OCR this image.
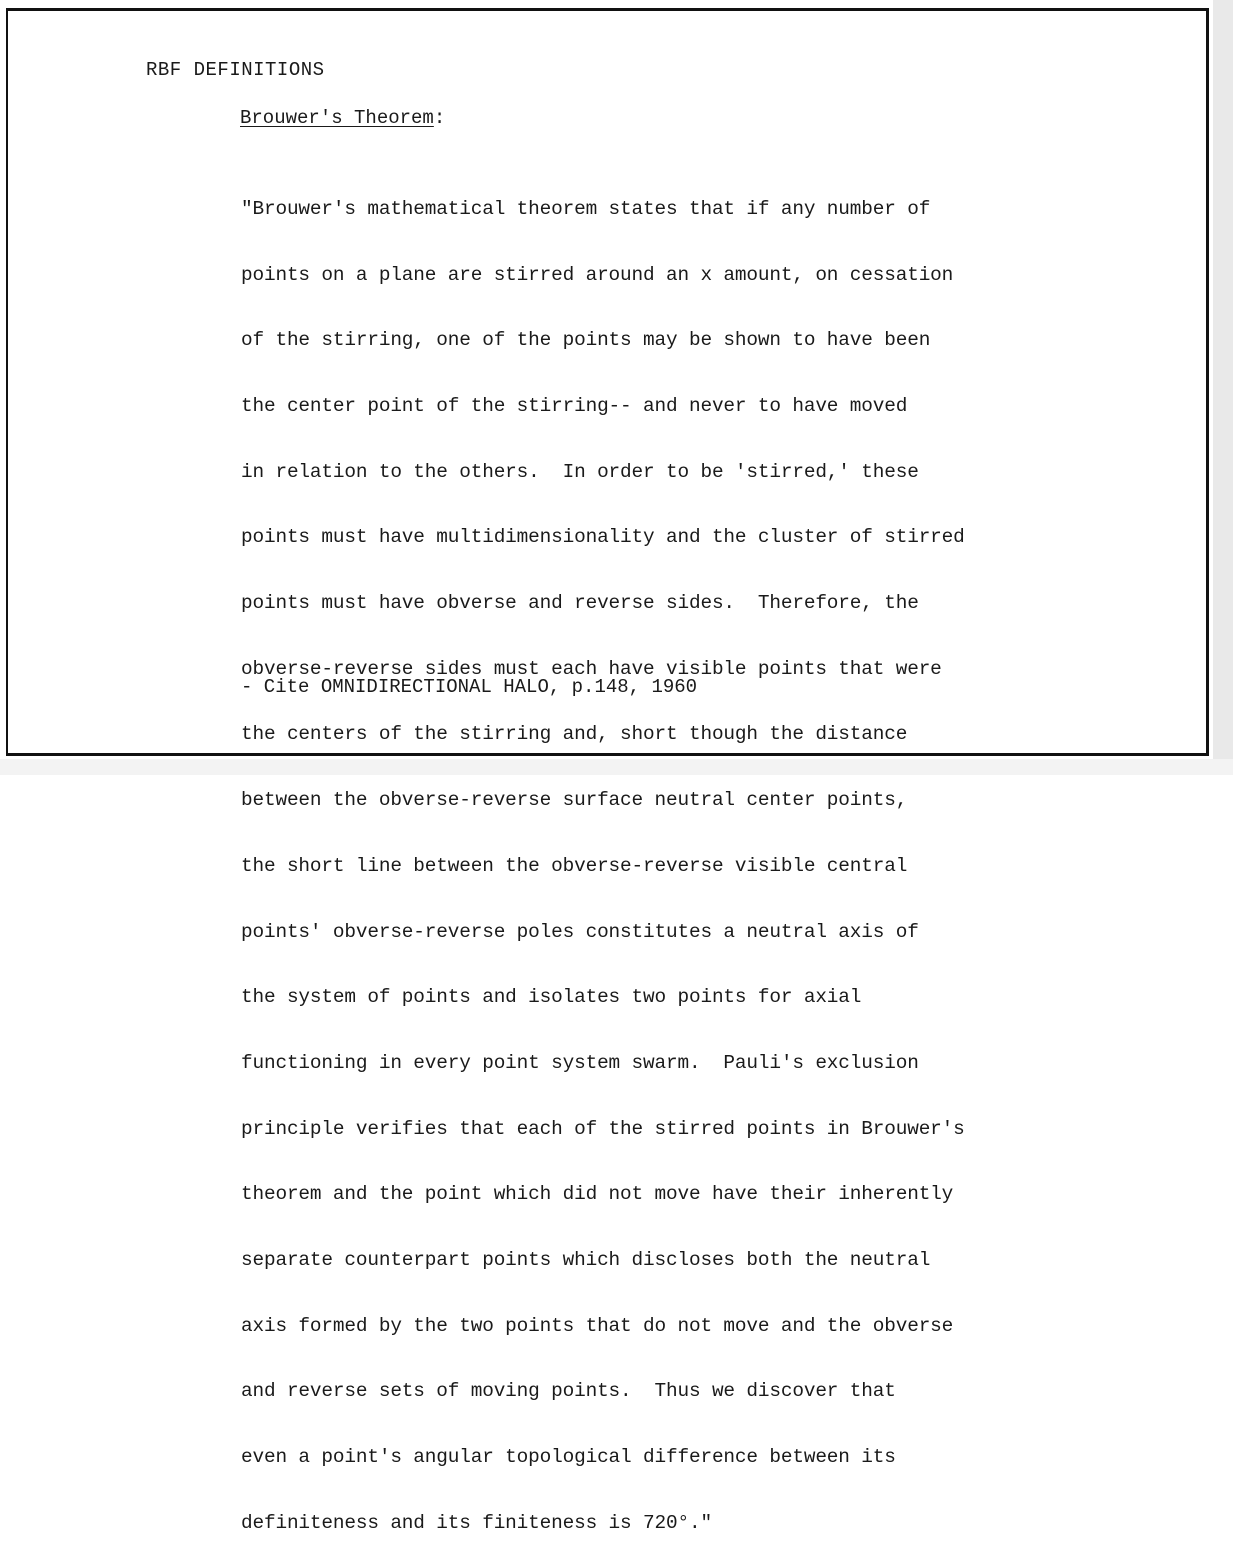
RBF DEFINITIONS
Brouwer's Theorem:

"Brouwer's mathematical theorem states that if any number of

points on a plane are stirred around an x amount, on cessation

of the stirring, one of the points may be shown to have been

the center point of the stirring-- and never to have moved

in relation to the others.  In order to be 'stirred,' these

points must have multidimensionality and the cluster of stirred

points must have obverse and reverse sides.  Therefore, the

obverse-reverse sides must each have visible points that were

the centers of the stirring and, short though the distance

between the obverse-reverse surface neutral center points,

the short line between the obverse-reverse visible central

points' obverse-reverse poles constitutes a neutral axis of

the system of points and isolates two points for axial

functioning in every point system swarm.  Pauli's exclusion

principle verifies that each of the stirred points in Brouwer's

theorem and the point which did not move have their inherently

separate counterpart points which discloses both the neutral

axis formed by the two points that do not move and the obverse

and reverse sets of moving points.  Thus we discover that

even a point's angular topological difference between its

definiteness and its finiteness is 720°."

- Cite OMNIDIRECTIONAL HALO, p.148, 1960
